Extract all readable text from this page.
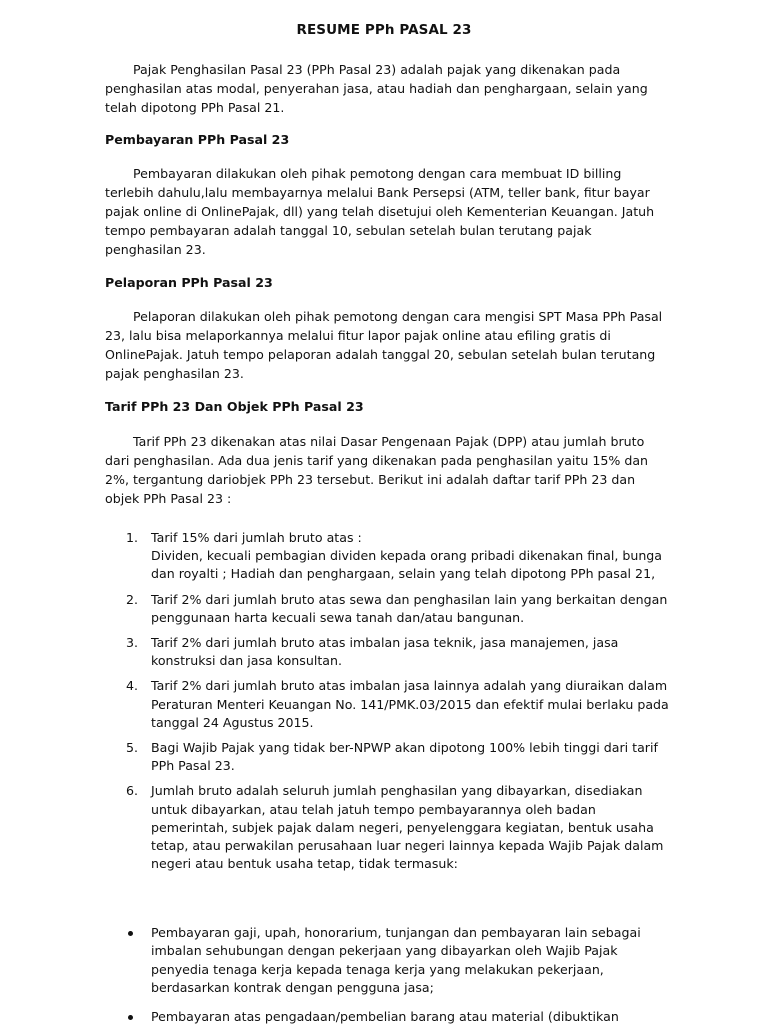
RESUME PPh PASAL 23
Pajak Penghasilan Pasal 23 (PPh Pasal 23) adalah pajak yang dikenakan pada penghasilan atas modal, penyerahan jasa, atau hadiah dan penghargaan, selain yang telah dipotong PPh Pasal 21.
Pembayaran PPh Pasal 23
Pembayaran dilakukan oleh pihak pemotong dengan cara membuat ID billing terlebih dahulu,lalu membayarnya melalui Bank Persepsi (ATM, teller bank, fitur bayar pajak online di OnlinePajak, dll) yang telah disetujui oleh Kementerian Keuangan. Jatuh tempo pembayaran adalah tanggal 10, sebulan setelah bulan terutang pajak penghasilan 23.
Pelaporan PPh Pasal 23
Pelaporan dilakukan oleh pihak pemotong dengan cara mengisi SPT Masa PPh Pasal 23, lalu bisa melaporkannya melalui fitur lapor pajak online atau efiling gratis di OnlinePajak. Jatuh tempo pelaporan adalah tanggal 20, sebulan setelah bulan terutang pajak penghasilan 23.
Tarif PPh 23 Dan Objek PPh Pasal 23
Tarif PPh 23 dikenakan atas nilai Dasar Pengenaan Pajak (DPP) atau jumlah bruto dari penghasilan. Ada dua jenis tarif yang dikenakan pada penghasilan yaitu 15% dan 2%, tergantung dariobjek PPh 23 tersebut. Berikut ini adalah daftar tarif PPh 23 dan objek PPh Pasal 23 :
1. Tarif 15% dari jumlah bruto atas :
Dividen, kecuali pembagian dividen kepada orang pribadi dikenakan final, bunga dan royalti ; Hadiah dan penghargaan, selain yang telah dipotong PPh pasal 21,
2. Tarif 2% dari jumlah bruto atas sewa dan penghasilan lain yang berkaitan dengan penggunaan harta kecuali sewa tanah dan/atau bangunan.
3. Tarif 2% dari jumlah bruto atas imbalan jasa teknik, jasa manajemen, jasa konstruksi dan jasa konsultan.
4. Tarif 2% dari jumlah bruto atas imbalan jasa lainnya adalah yang diuraikan dalam Peraturan Menteri Keuangan No. 141/PMK.03/2015 dan efektif mulai berlaku pada tanggal 24 Agustus 2015.
5. Bagi Wajib Pajak yang tidak ber-NPWP akan dipotong 100% lebih tinggi dari tarif PPh Pasal 23.
6. Jumlah bruto adalah seluruh jumlah penghasilan yang dibayarkan, disediakan untuk dibayarkan, atau telah jatuh tempo pembayarannya oleh badan pemerintah, subjek pajak dalam negeri, penyelenggara kegiatan, bentuk usaha tetap, atau perwakilan perusahaan luar negeri lainnya kepada Wajib Pajak dalam negeri atau bentuk usaha tetap, tidak termasuk:
Pembayaran gaji, upah, honorarium, tunjangan dan pembayaran lain sebagai imbalan sehubungan dengan pekerjaan yang dibayarkan oleh Wajib Pajak penyedia tenaga kerja kepada tenaga kerja yang melakukan pekerjaan, berdasarkan kontrak dengan pengguna jasa;
Pembayaran atas pengadaan/pembelian barang atau material (dibuktikan
